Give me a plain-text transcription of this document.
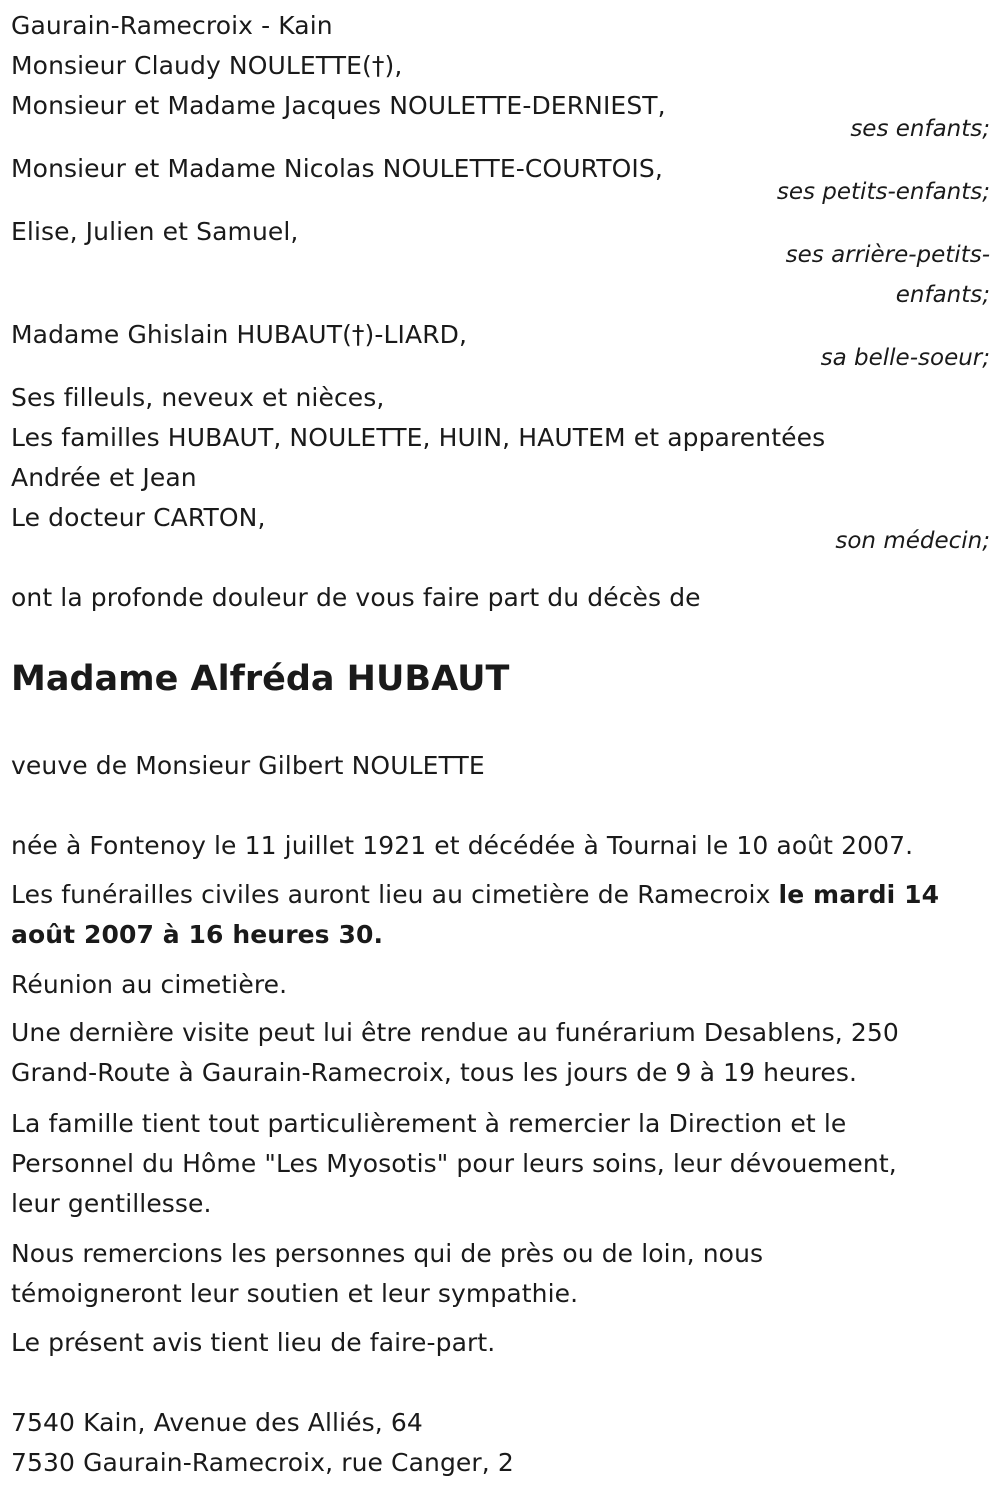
Gaurain-Ramecroix - Kain
Monsieur Claudy NOULETTE(†),
Monsieur et Madame Jacques NOULETTE-DERNIEST,
ses enfants;
Monsieur et Madame Nicolas NOULETTE-COURTOIS,
ses petits-enfants;
Elise, Julien et Samuel,
ses arrière-petits-
enfants;
Madame Ghislain HUBAUT(†)-LIARD,
sa belle-soeur;
Ses filleuls, neveux et nièces,
Les familles HUBAUT, NOULETTE, HUIN, HAUTEM et apparentées
Andrée et Jean
Le docteur CARTON,
son médecin;
ont la profonde douleur de vous faire part du décès de
Madame Alfréda HUBAUT
veuve de Monsieur Gilbert NOULETTE
née à Fontenoy le 11 juillet 1921 et décédée à Tournai le 10 août 2007.
Les funérailles civiles auront lieu au cimetière de Ramecroix le mardi 14
août 2007 à 16 heures 30.
Réunion au cimetière.
Une dernière visite peut lui être rendue au funérarium Desablens, 250
Grand-Route à Gaurain-Ramecroix, tous les jours de 9 à 19 heures.
La famille tient tout particulièrement à remercier la Direction et le
Personnel du Hôme "Les Myosotis" pour leurs soins, leur dévouement,
leur gentillesse.
Nous remercions les personnes qui de près ou de loin, nous
témoigneront leur soutien et leur sympathie.
Le présent avis tient lieu de faire-part.
7540 Kain, Avenue des Alliés, 64
7530 Gaurain-Ramecroix, rue Canger, 2
